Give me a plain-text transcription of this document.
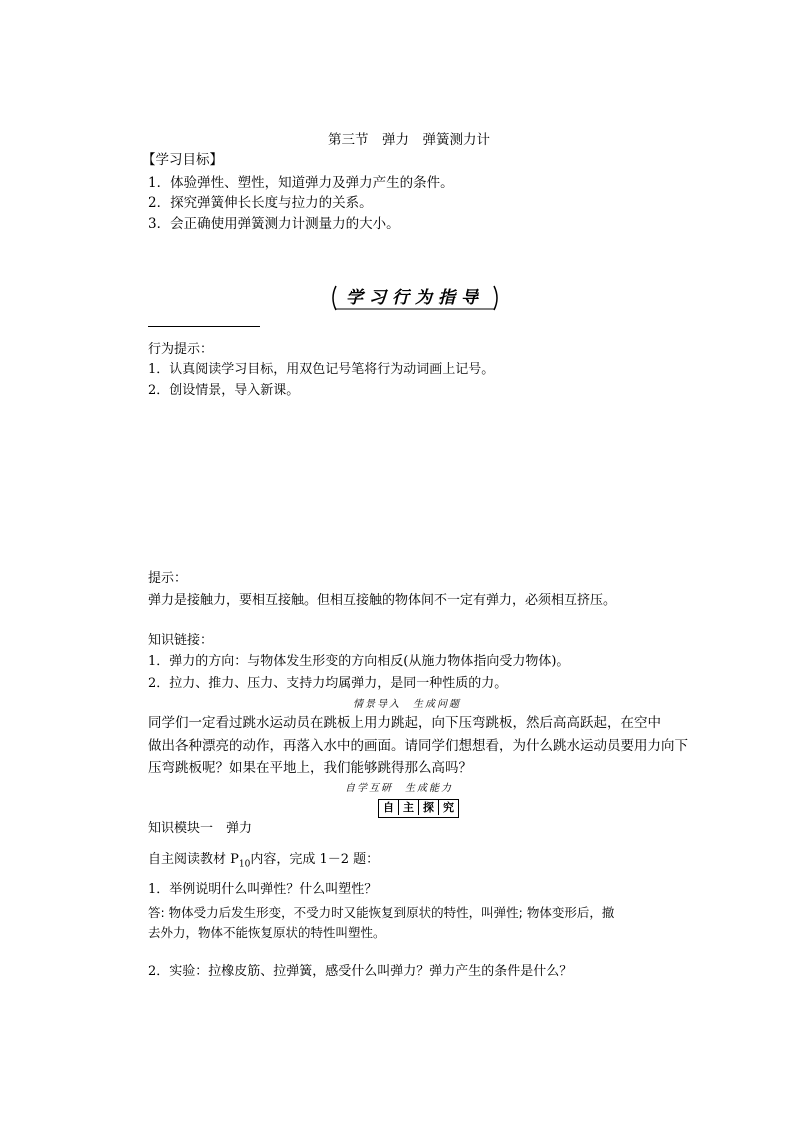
第三节　弹力　弹簧测力计
【学习目标】
1．体验弹性、塑性，知道弹力及弹力产生的条件。
2．探究弹簧伸长长度与拉力的关系。
3．会正确使用弹簧测力计测量力的大小。
学习行为指导
行为提示：
1．认真阅读学习目标，用双色记号笔将行为动词画上记号。
2．创设情景，导入新课。
提示：
弹力是接触力，要相互接触。但相互接触的物体间不一定有弹力，必须相互挤压。
知识链接：
1．弹力的方向：与物体发生形变的方向相反(从施力物体指向受力物体)。
2．拉力、推力、压力、支持力均属弹力，是同一种性质的力。
情景导入　生成问题
同学们一定看过跳水运动员在跳板上用力跳起，向下压弯跳板，然后高高跃起，在空中
做出各种漂亮的动作，再落入水中的画面。请同学们想想看，为什么跳水运动员要用力向下
压弯跳板呢？如果在平地上，我们能够跳得那么高吗？
自学互研　生成能力
自 主 探 究
知识模块一　弹力
自主阅读教材 $P_{10}$内容，完成 1－2 题：
1．举例说明什么叫弹性？什么叫塑性？
答: 物体受力后发生形变，不受力时又能恢复到原状的特性，叫弹性; 物体变形后，撤
去外力，物体不能恢复原状的特性叫塑性。
2．实验：拉橡皮筋、拉弹簧，感受什么叫弹力？弹力产生的条件是什么？
